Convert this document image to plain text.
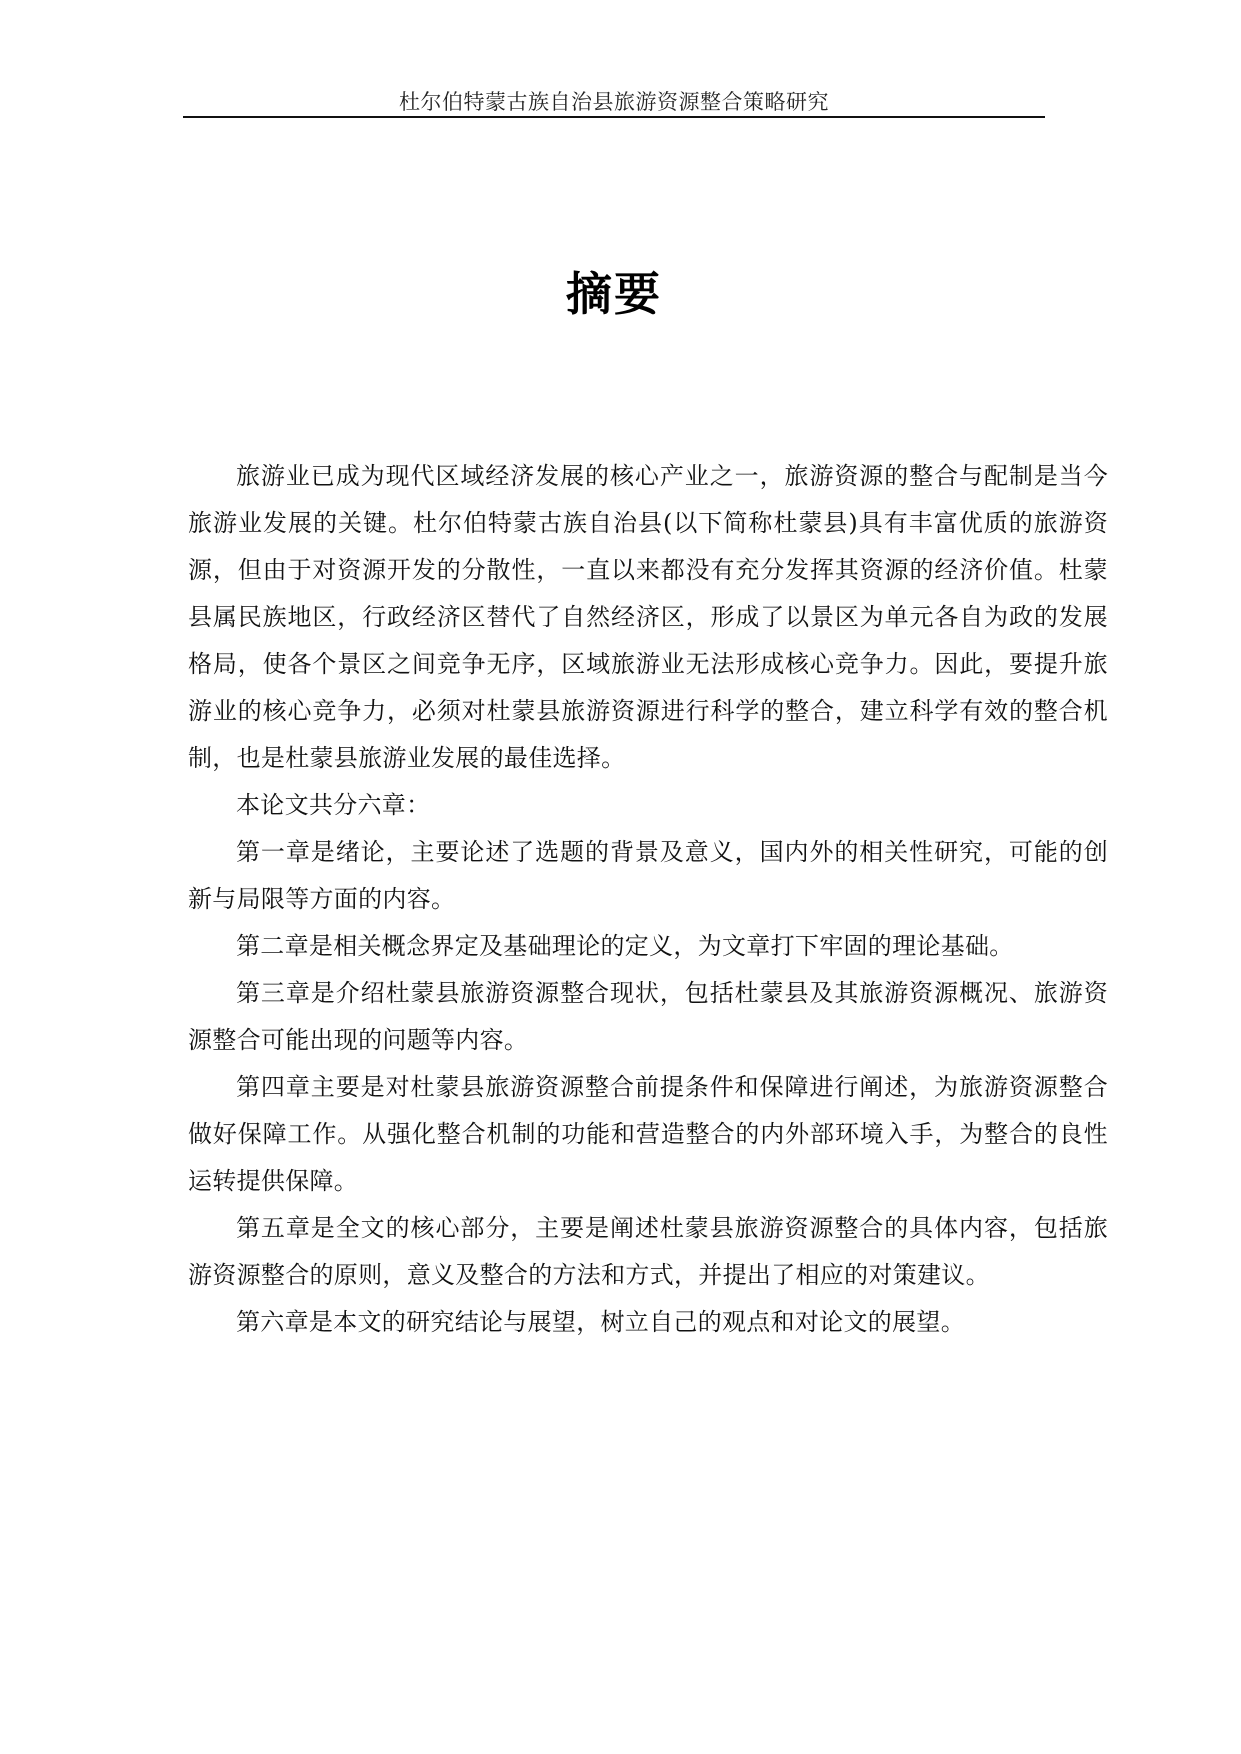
杜尔伯特蒙古族自治县旅游资源整合策略研究
摘要

旅游业已成为现代区域经济发展的核心产业之一，旅游资源的整合与配制是当今旅游业发展的关键。杜尔伯特蒙古族自治县(以下简称杜蒙县)具有丰富优质的旅游资源，但由于对资源开发的分散性，一直以来都没有充分发挥其资源的经济价值。杜蒙县属民族地区，行政经济区替代了自然经济区，形成了以景区为单元各自为政的发展格局，使各个景区之间竞争无序，区域旅游业无法形成核心竞争力。因此，要提升旅游业的核心竞争力，必须对杜蒙县旅游资源进行科学的整合，建立科学有效的整合机制，也是杜蒙县旅游业发展的最佳选择。

本论文共分六章：

第一章是绪论，主要论述了选题的背景及意义，国内外的相关性研究，可能的创新与局限等方面的内容。

第二章是相关概念界定及基础理论的定义，为文章打下牢固的理论基础。

第三章是介绍杜蒙县旅游资源整合现状，包括杜蒙县及其旅游资源概况、旅游资源整合可能出现的问题等内容。

第四章主要是对杜蒙县旅游资源整合前提条件和保障进行阐述，为旅游资源整合做好保障工作。从强化整合机制的功能和营造整合的内外部环境入手，为整合的良性运转提供保障。

第五章是全文的核心部分，主要是阐述杜蒙县旅游资源整合的具体内容，包括旅游资源整合的原则，意义及整合的方法和方式，并提出了相应的对策建议。

第六章是本文的研究结论与展望，树立自己的观点和对论文的展望。
